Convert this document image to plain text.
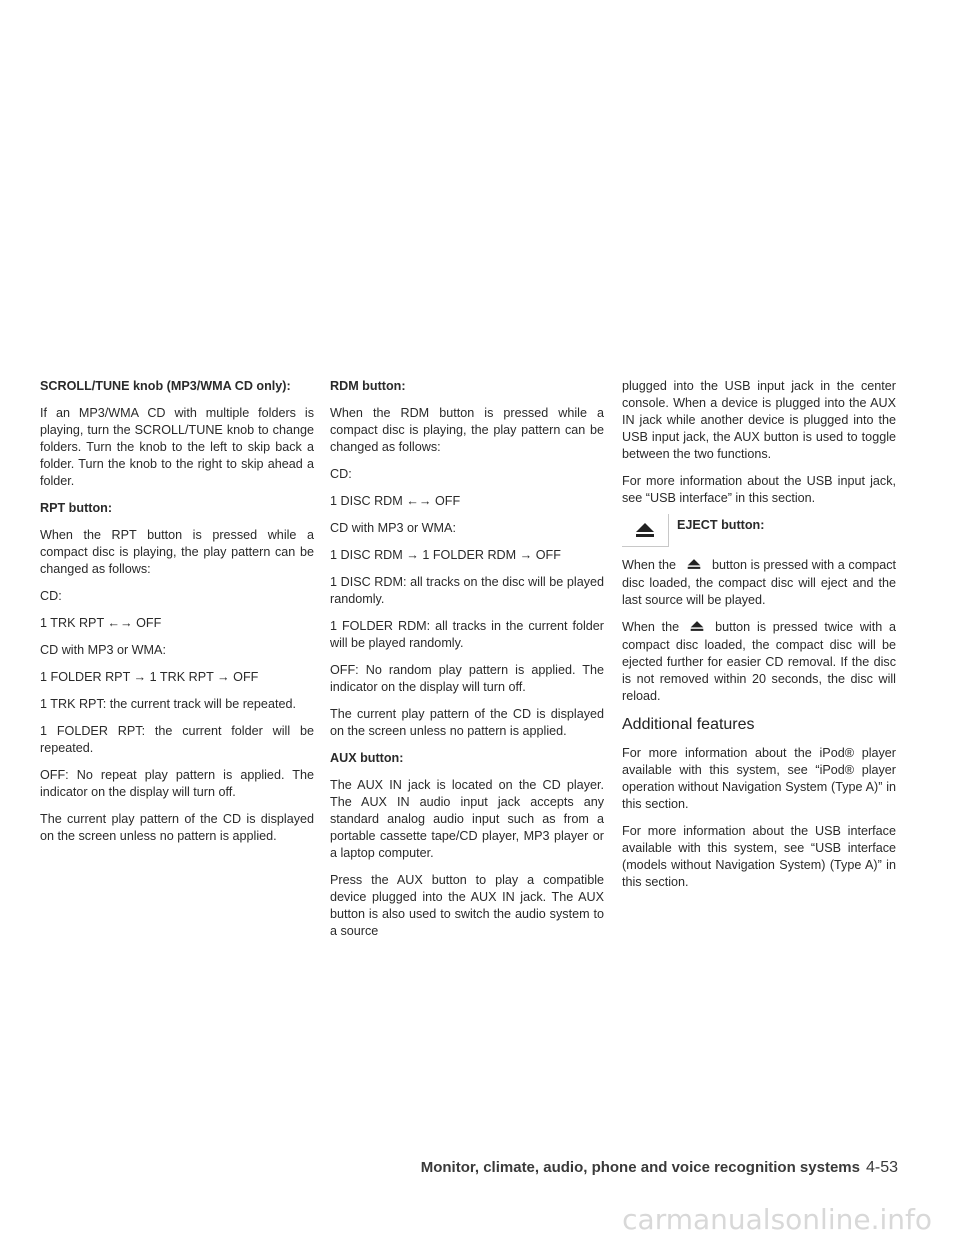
SCROLL/TUNE knob (MP3/WMA CD only):

If an MP3/WMA CD with multiple folders is playing, turn the SCROLL/TUNE knob to change folders. Turn the knob to the left to skip back a folder. Turn the knob to the right to skip ahead a folder.

RPT button:

When the RPT button is pressed while a compact disc is playing, the play pattern can be changed as follows:

CD:

1 TRK RPT ←→ OFF

CD with MP3 or WMA:

1 FOLDER RPT → 1 TRK RPT → OFF

1 TRK RPT: the current track will be repeated.

1 FOLDER RPT: the current folder will be repeated.

OFF: No repeat play pattern is applied. The indicator on the display will turn off.

The current play pattern of the CD is displayed on the screen unless no pattern is applied.

RDM button:

When the RDM button is pressed while a compact disc is playing, the play pattern can be changed as follows:

CD:

1 DISC RDM ←→ OFF

CD with MP3 or WMA:

1 DISC RDM → 1 FOLDER RDM → OFF

1 DISC RDM: all tracks on the disc will be played randomly.

1 FOLDER RDM: all tracks in the current folder will be played randomly.

OFF: No random play pattern is applied. The indicator on the display will turn off.

The current play pattern of the CD is displayed on the screen unless no pattern is applied.

AUX button:

The AUX IN jack is located on the CD player. The AUX IN audio input jack accepts any standard analog audio input such as from a portable cassette tape/CD player, MP3 player or a laptop computer.

Press the AUX button to play a compatible device plugged into the AUX IN jack. The AUX button is also used to switch the audio system to a source

plugged into the USB input jack in the center console. When a device is plugged into the AUX IN jack while another device is plugged into the USB input jack, the AUX button is used to toggle between the two functions.

For more information about the USB input jack, see “USB interface” in this section.

EJECT button:

When the	button is pressed with a compact disc loaded, the compact disc will eject and the last source will be played.

When the	button is pressed twice with a compact disc loaded, the compact disc will be ejected further for easier CD removal. If the disc is not removed within 20 seconds, the disc will reload.

Additional features

For more information about the iPod® player available with this system, see “iPod® player operation without Navigation System (Type A)” in this section.

For more information about the USB interface available with this system, see “USB interface (models without Navigation System) (Type A)” in this section.

Monitor, climate, audio, phone and voice recognition systems 4-53
carmanualsonline.info
